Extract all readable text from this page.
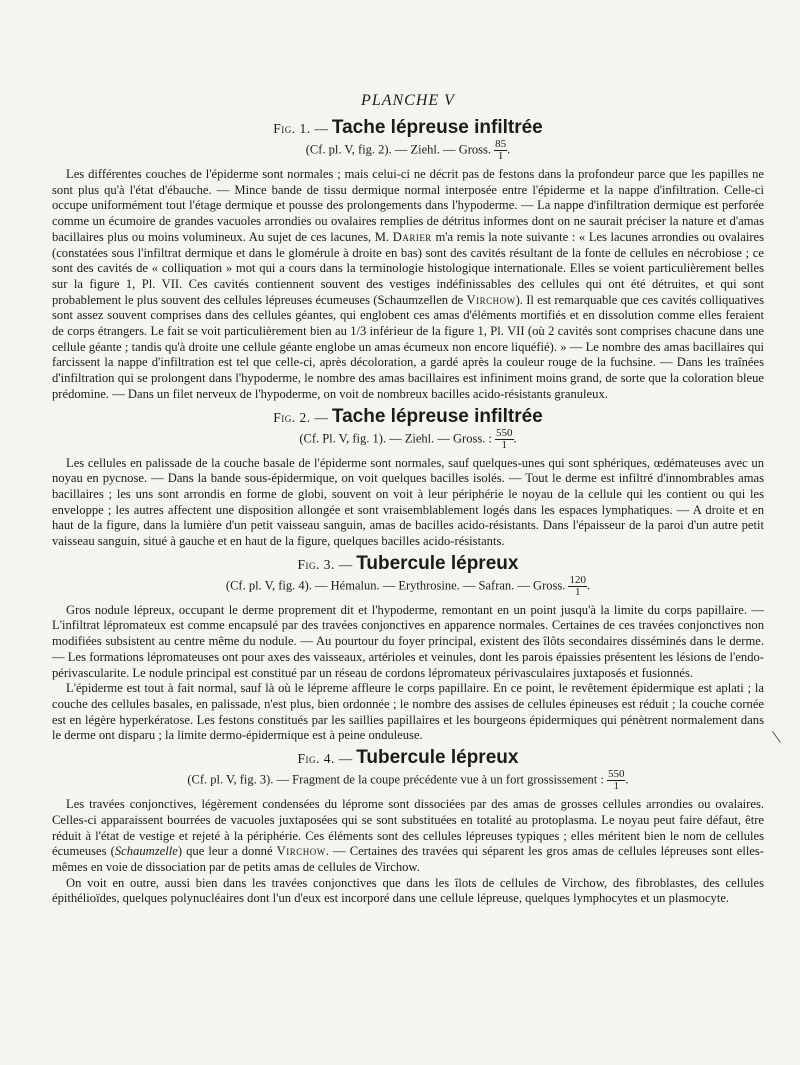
PLANCHE V
Fig. 1. — Tache lépreuse infiltrée
(Cf. pl. V, fig. 2). — Ziehl. — Gross. $\frac{85}{1}$ .

Les différentes couches de l'épiderme sont normales ; mais celui-ci ne décrit pas de festons dans la profondeur parce que les papilles ne sont plus qu'à l'état d'ébauche. — Mince bande de tissu dermique normal interposée entre l'épiderme et la nappe d'infiltration. Celle-ci occupe uniformément tout l'étage dermique et pousse des prolongements dans l'hypoderme. — La nappe d'infiltration dermique est perforée comme un écumoire de grandes vacuoles arrondies ou ovalaires remplies de détritus informes dont on ne saurait préciser la nature et d'amas bacillaires plus ou moins volumineux. Au sujet de ces lacunes, M. Darier m'a remis la note suivante : « Les lacunes arrondies ou ovalaires (constatées sous l'infiltrat dermique et dans le glomérule à droite en bas) sont des cavités résultant de la fonte de cellules en nécrobiose ; ce sont des cavités de « colliquation » mot qui a cours dans la terminologie histologique internationale. Elles se voient particulièrement belles sur la figure 1, Pl. VII. Ces cavités contiennent souvent des vestiges indéfinissables des cellules qui ont été détruites, et qui sont probablement le plus souvent des cellules lépreuses écumeuses (Schaumzellen de Virchow). Il est remarquable que ces cavités colliquatives sont assez souvent comprises dans des cellules géantes, qui englobent ces amas d'éléments mortifiés et en dissolution comme elles feraient de corps étrangers. Le fait se voit particulièrement bien au 1/3 inférieur de la figure 1, Pl. VII (où 2 cavités sont comprises chacune dans une cellule géante ; tandis qu'à droite une cellule géante englobe un amas écumeux non encore liquéfié). » — Le nombre des amas bacillaires qui farcissent la nappe d'infiltration est tel que celle-ci, après décoloration, a gardé après la couleur rouge de la fuchsine. — Dans les traînées d'infiltration qui se prolongent dans l'hypoderme, le nombre des amas bacillaires est infiniment moins grand, de sorte que la coloration bleue prédomine. — Dans un filet nerveux de l'hypoderme, on voit de nombreux bacilles acido-résistants granuleux.

Fig. 2. — Tache lépreuse infiltrée
(Cf. Pl. V, fig. 1). — Ziehl. — Gross. : $\frac{550}{1}$ .

Les cellules en palissade de la couche basale de l'épiderme sont normales, sauf quelques-unes qui sont sphériques, œdémateuses avec un noyau en pycnose. — Dans la bande sous-épidermique, on voit quelques bacilles isolés. — Tout le derme est infiltré d'innombrables amas bacillaires ; les uns sont arrondis en forme de globi, souvent on voit à leur périphérie le noyau de la cellule qui les contient ou qui les enveloppe ; les autres affectent une disposition allongée et sont vraisemblablement logés dans les espaces lymphatiques. — A droite et en haut de la figure, dans la lumière d'un petit vaisseau sanguin, amas de bacilles acido-résistants. Dans l'épaisseur de la paroi d'un autre petit vaisseau sanguin, situé à gauche et en haut de la figure, quelques bacilles acido-résistants.

Fig. 3. — Tubercule lépreux
(Cf. pl. V, fig. 4). — Hémalun. — Erythrosine. — Safran. — Gross. $\frac{120}{1}$ .

Gros nodule lépreux, occupant le derme proprement dit et l'hypoderme, remontant en un point jusqu'à la limite du corps papillaire. — L'infiltrat lépromateux est comme encapsulé par des travées conjonctives en apparence normales. Certaines de ces travées conjonctives non modifiées subsistent au centre même du nodule. — Au pourtour du foyer principal, existent des îlôts secondaires disséminés dans le derme. — Les formations lépromateuses ont pour axes des vaisseaux, artérioles et veinules, dont les parois épaissies présentent les lésions de l'endo-périvascularite. Le nodule principal est constitué par un réseau de cordons lépromateux périvasculaires juxtaposés et fusionnés.

L'épiderme est tout à fait normal, sauf là où le lépreme affleure le corps papillaire. En ce point, le revêtement épidermique est aplati ; la couche des cellules basales, en palissade, n'est plus, bien ordonnée ; le nombre des assises de cellules épineuses est réduit ; la couche cornée est en légère hyperkératose. Les festons constitués par les saillies papillaires et les bourgeons épidermiques qui pénètrent normalement dans le derme ont disparu ; la limite dermo-épidermique est à peine onduleuse.

Fig. 4. — Tubercule lépreux
(Cf. pl. V, fig. 3). — Fragment de la coupe précédente vue à un fort grossissement : $\frac{550}{1}$ .

Les travées conjonctives, légèrement condensées du léprome sont dissociées par des amas de grosses cellules arrondies ou ovalaires. Celles-ci apparaissent bourrées de vacuoles juxtaposées qui se sont substituées en totalité au protoplasma. Le noyau peut faire défaut, être réduit à l'état de vestige et rejeté à la périphérie. Ces éléments sont des cellules lépreuses typiques ; elles méritent bien le nom de cellules écumeuses (Schaumzelle) que leur a donné Virchow. — Certaines des travées qui séparent les gros amas de cellules lépreuses sont elles-mêmes en voie de dissociation par de petits amas de cellules de Virchow.

On voit en outre, aussi bien dans les travées conjonctives que dans les îlots de cellules de Virchow, des fibroblastes, des cellules épithélioïdes, quelques polynucléaires dont l'un d'eux est incorporé dans une cellule lépreuse, quelques lymphocytes et un plasmocyte.
